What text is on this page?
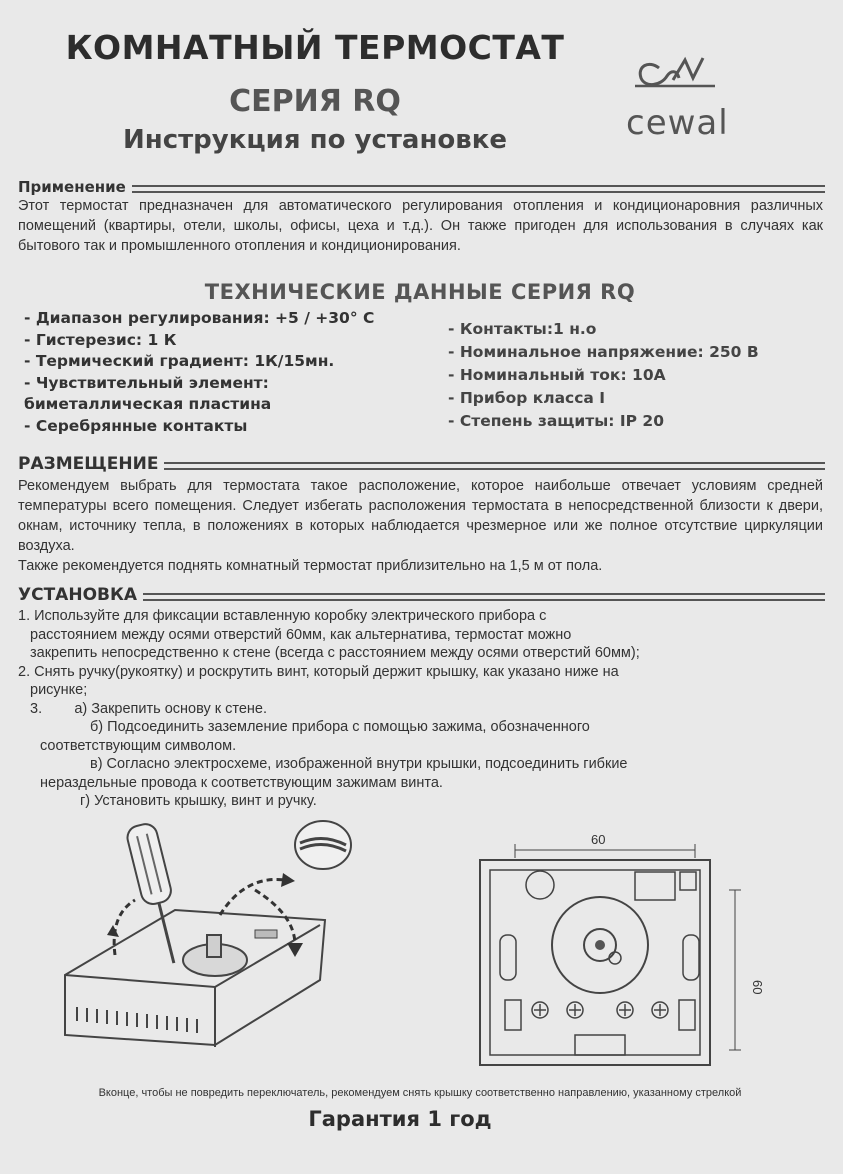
КОМНАТНЫЙ ТЕРМОСТАТ
СЕРИЯ RQ
Инструкция по установке	cewal
Применение

Этот термостат предназначен для автоматического регулирования отопления и кондиционаровния различных помещений (квартиры, отели, школы, офисы, цеха и т.д.). Он также пригоден для использования в случаях как бытового так и промышленного отопления и кондиционирования.

ТЕХНИЧЕСКИЕ ДАННЫЕ СЕРИЯ RQ
- Диапазон регулирования: +5 / +30° С
- Гистерезис: 1 К
- Термический градиент: 1К/15мн.
- Чувствительный элемент:
биметаллическая пластина
- Серебрянные контакты
- Контакты:1 н.о
- Номинальное напряжение: 250 В
- Номинальный ток: 10А
- Прибор класса I
- Степень защиты: IP 20
РАЗМЕЩЕНИЕ

Рекомендуем выбрать для термостата такое расположение, которое наибольше отвечает условиям средней температуры всего помещения. Следует избегать расположения термостата в непосредственной близости к двери, окнам, источнику тепла, в положениях в которых наблюдается чрезмерное или же полное отсутствие циркуляции воздуха.

Также рекомендуется поднять комнатный термостат приблизительно на 1,5 м от пола.

УСТАНОВКА
1. Используйте для фиксации вставленную коробку электрического прибора с
расстоянием между осями отверстий 60мм, как альтернатива, термостат можно
закрепить непосредственно к стене (всегда с расстоянием между осями отверстий 60мм);
2. Снять ручку(рукоятку) и роскрутить винт, который держит крышку, как указано ниже на
рисунке;
3.        а) Закрепить основу к стене.
б) Подсоединить заземление прибора с помощью зажима, обозначенного
соответствующим символом.
в) Согласно электросхеме, изображенной внутри крышки, подсоединить гибкие
нераздельные провода к соответствующим зажимам винта.
г) Установить крышку, винт и ручку.
60
60
Вконце, чтобы не повредить переключатель, рекомендуем снять крышку соответственно направлению, указанному стрелкой
Гарантия 1 год
